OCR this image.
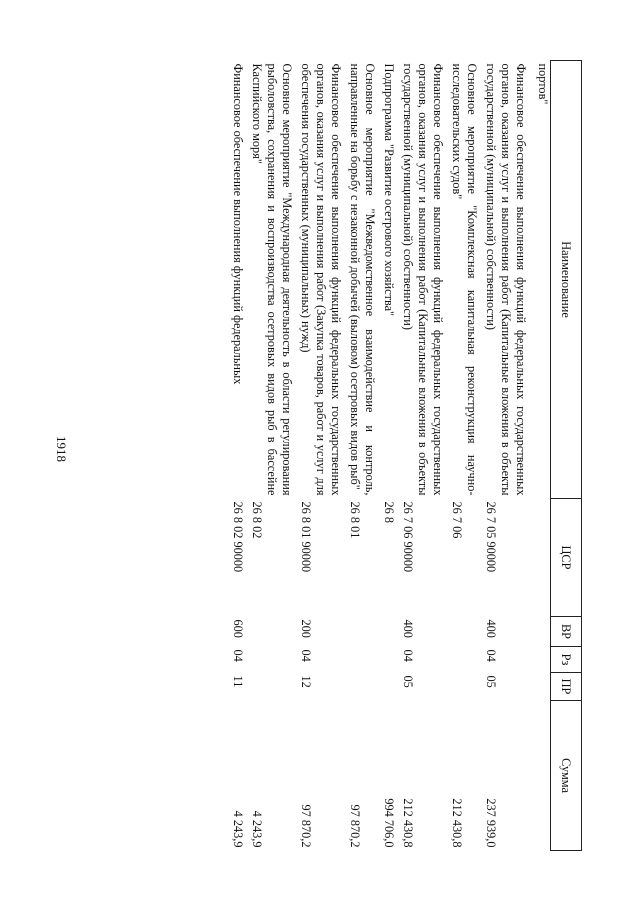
1918
Наименование	ЦСР	ВР	Рз	ПР	Сумма
портов"					
Финансовое обеспечение выполнения функций федеральных государственных органов, оказания услуг и выполнения работ (Капитальные вложения в объекты государственной (муниципальной) собственности)	26 7 05 90000	400	04	05	237 939,0
Основное мероприятие "Комплексная капитальная реконструкция научно-исследовательских судов"	26 7 06				212 430,8
Финансовое обеспечение выполнения функций федеральных государственных органов, оказания услуг и выполнения работ (Капитальные вложения в объекты государственной (муниципальной) собственности)	26 7 06 90000	400	04	05	212 430,8
Подпрограмма "Развитие осетрового хозяйства"	26 8				994 706,0
Основное мероприятие "Межведомственное взаимодействие и контроль, направленные на борьбу с незаконной добычей (выловом) осетровых видов рыб"	26 8 01				97 870,2
Финансовое обеспечение выполнения функций федеральных государственных органов, оказания услуг и выполнения работ (Закупка товаров, работ и услуг для обеспечения государственных (муниципальных) нужд)	26 8 01 90000	200	04	12	97 870,2
Основное мероприятие "Международная деятельность в области регулирования рыболовства, сохранения и воспроизводства осетровых видов рыб в бассейне Каспийского моря"	26 8 02				4 243,9
Финансовое обеспечение выполнения функций федеральных	26 8 02 90000	600	04	11	4 243,9
